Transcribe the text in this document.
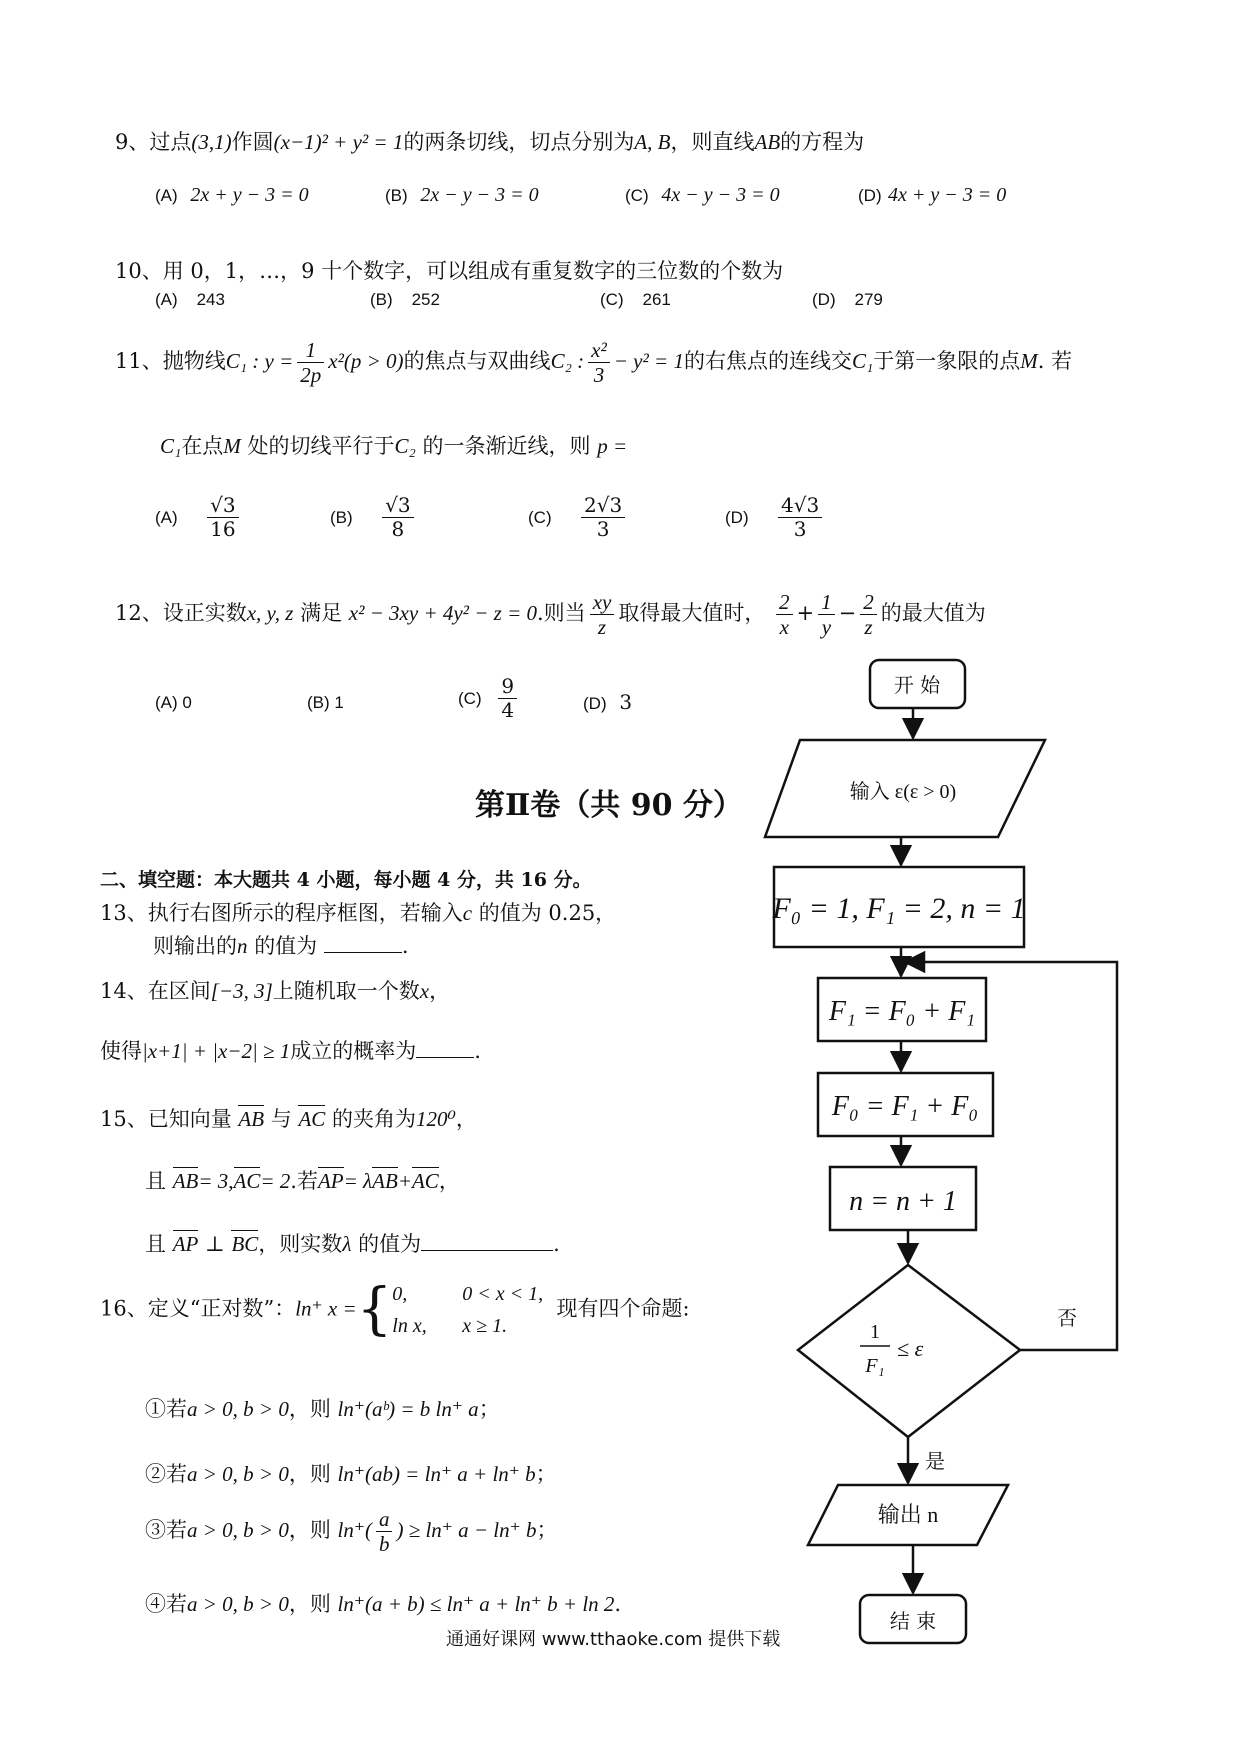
9、过点(3,1)作圆(x−1)² + y² = 1的两条切线，切点分别为A, B，则直线AB的方程为
(A) 2x + y − 3 = 0	(B) 2x − y − 3 = 0	(C) 4x − y − 3 = 0	(D) 4x + y − 3 = 0
10、用 0，1，…，9 十个数字，可以组成有重复数字的三位数的个数为
(A) 243	(B) 252	(C) 261	(D) 279
11、抛物线C₁ : $y = \frac{1}{2p} x^2(p > 0)$的焦点与双曲线C₂ : $\frac{\text{x²}}{3} - y^2 = 1$的右焦点的连线交C₁于第一象限的点M. 若
C₁在点M 处的切线平行于C₂ 的一条渐近线，则 p =
$(A) \frac{√3}{16}$	$(B) \frac{√3}{8}$	$(C) \frac{2√3}{3}$	$(D) \frac{4√3}{3}$
12、设正实数x, y, z 满足 x² − 3xy + 4y² − z = 0.则当 $\frac{xy}{z}$ 取得最大值时， $\frac{2}{x} + \frac{1}{y} - \frac{2}{z}$ 的最大值为
(A) 0	(B) 1	$(C) \frac{9}{4}$	(D) 3
第Ⅱ卷（共 90 分）
二、填空题：本大题共 4 小题，每小题 4 分，共 16 分。
13、执行右图所示的程序框图，若输入c 的值为 0.25，
则输出的n 的值为	.
14、在区间[−3, 3]上随机取一个数x，
使得|x+1| + |x−2| ≥ 1成立的概率为	.
15、已知向量 AB 与 AC 的夹角为120⁰，
且 AB= 3,AC= 2.若AP= λAB+AC，
且 AP ⊥ BC，则实数λ 的值为	.
16、定义“正对数”：ln⁺ x ={0,	0 < x < 1,
ln x, x ≥ 1.  现有四个命题:
①若a > 0, b > 0，则 ln⁺(aᵇ) = b ln⁺ a；
②若a > 0, b > 0，则 ln⁺(ab) = ln⁺ a + ln⁺ b；
③若a > 0, b > 0，则 $\ln^+( \frac{a}{b}$ ) ≥ ln⁺ a − ln⁺ b；
④若a > 0, b > 0，则 ln⁺(a + b) ≤ ln⁺ a + ln⁺ b + ln 2.
开 始
输入 ε(ε > 0)
F₀ = 1, F₁ = 2, n = 1
F₁ = F₀ + F₁
F₀ = F₁ + F₀
n = n + 1
1
F₁
≤ ε
否
是
输出 n
结 束
通通好课网 www.tthaoke.com 提供下载
